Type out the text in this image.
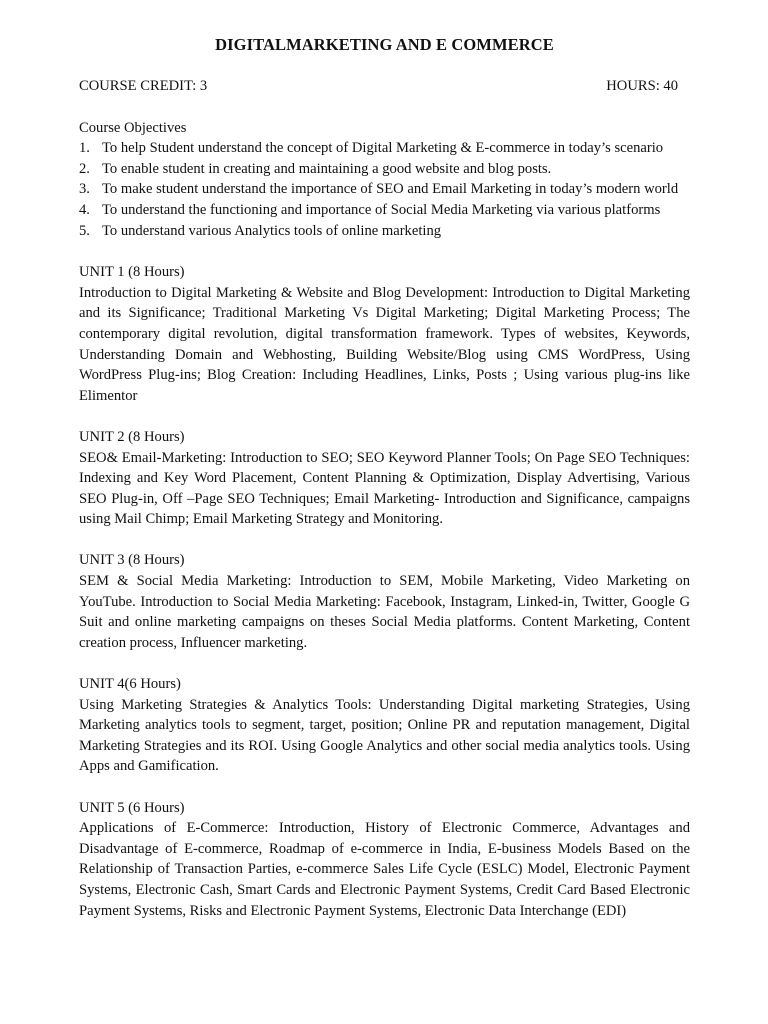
DIGITALMARKETING AND E COMMERCE
COURSE CREDIT: 3	HOURS: 40

Course Objectives

1. To help Student understand the concept of Digital Marketing & E-commerce in today’s scenario
2. To enable student in creating and maintaining a good website and blog posts.
3. To make student understand the importance of SEO and Email Marketing in today’s modern world
4. To understand the functioning and importance of Social Media Marketing via various platforms
5. To understand various Analytics tools of online marketing

UNIT 1 (8 Hours)

Introduction to Digital Marketing & Website and Blog Development: Introduction to Digital Marketing and its Significance; Traditional Marketing Vs Digital Marketing; Digital Marketing Process; The contemporary digital revolution, digital transformation framework. Types of websites, Keywords, Understanding Domain and Webhosting, Building Website/Blog using CMS WordPress, Using WordPress Plug-ins; Blog Creation: Including Headlines, Links, Posts ; Using various plug-ins like Elimentor

UNIT 2 (8 Hours)

SEO& Email-Marketing: Introduction to SEO; SEO Keyword Planner Tools; On Page SEO Techniques: Indexing and Key Word Placement, Content Planning & Optimization, Display Advertising, Various SEO Plug-in, Off –Page SEO Techniques; Email Marketing- Introduction and Significance, campaigns using Mail Chimp; Email Marketing Strategy and Monitoring.

UNIT 3 (8 Hours)

SEM & Social Media Marketing: Introduction to SEM, Mobile Marketing, Video Marketing on YouTube. Introduction to Social Media Marketing: Facebook, Instagram, Linked-in, Twitter, Google G Suit and online marketing campaigns on theses Social Media platforms. Content Marketing, Content creation process, Influencer marketing.

UNIT 4(6 Hours)

Using Marketing Strategies & Analytics Tools: Understanding Digital marketing Strategies, Using Marketing analytics tools to segment, target, position; Online PR and reputation management, Digital Marketing Strategies and its ROI. Using Google Analytics and other social media analytics tools. Using Apps and Gamification.

UNIT 5 (6 Hours)

Applications of E-Commerce: Introduction, History of Electronic Commerce, Advantages and Disadvantage of E-commerce, Roadmap of e-commerce in India, E-business Models Based on the Relationship of Transaction Parties, e-commerce Sales Life Cycle (ESLC) Model, Electronic Payment Systems, Electronic Cash, Smart Cards and Electronic Payment Systems, Credit Card Based Electronic Payment Systems, Risks and Electronic Payment Systems, Electronic Data Interchange (EDI)
